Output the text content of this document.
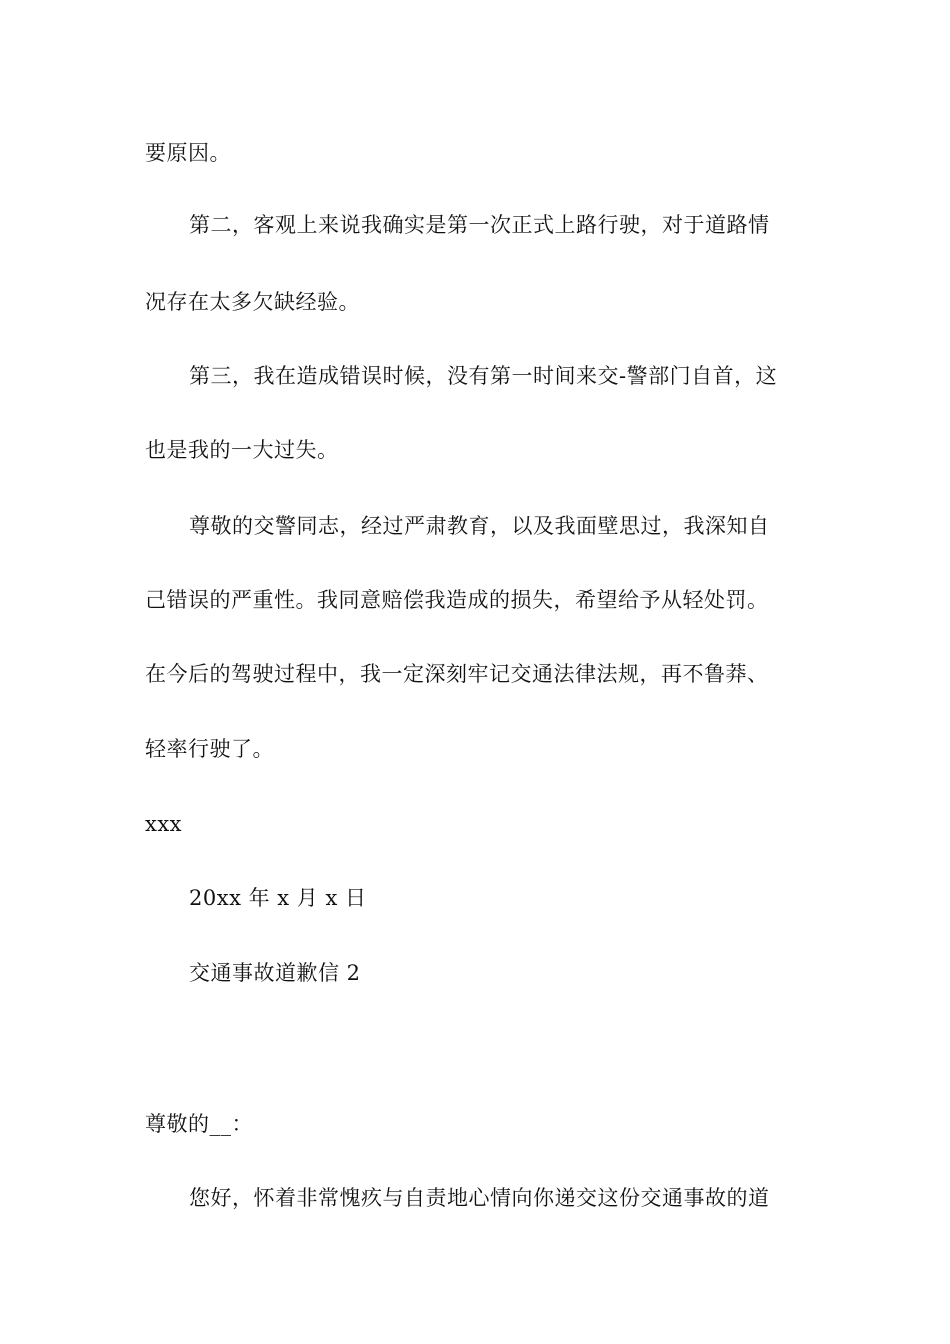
要原因。
第二，客观上来说我确实是第一次正式上路行驶，对于道路情
况存在太多欠缺经验。
第三，我在造成错误时候，没有第一时间来交-警部门自首，这
也是我的一大过失。
尊敬的交警同志，经过严肃教育，以及我面壁思过，我深知自
己错误的严重性。我同意赔偿我造成的损失，希望给予从轻处罚。
在今后的驾驶过程中，我一定深刻牢记交通法律法规，再不鲁莽、
轻率行驶了。
xxx
20xx 年 x 月 x 日
交通事故道歉信 2
尊敬的__：
您好，怀着非常愧疚与自责地心情向你递交这份交通事故的道
